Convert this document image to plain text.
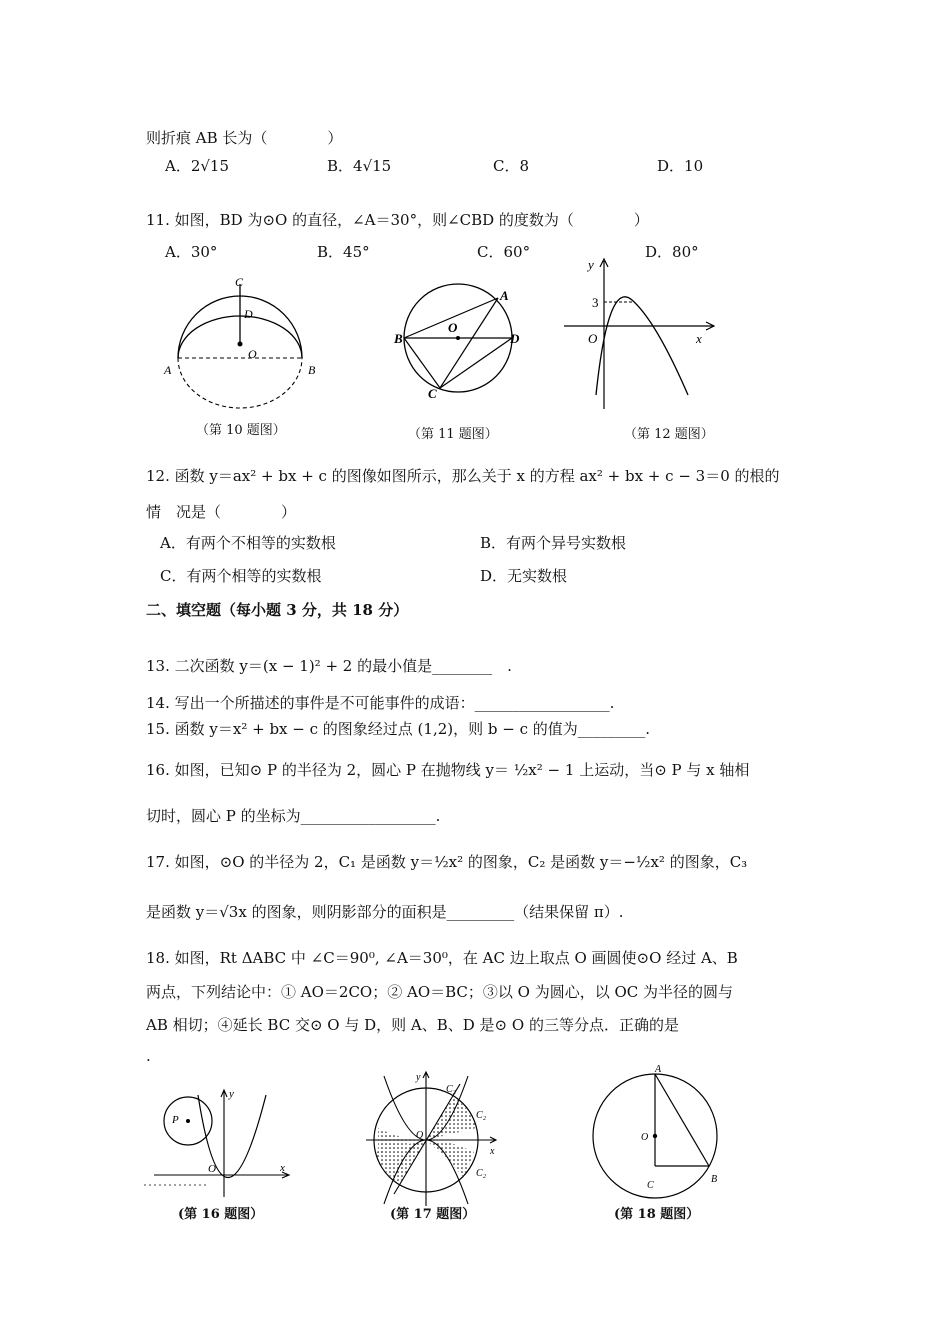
则折痕 AB 长为（　　　　）
A．2√15	B．4√15	C．8	D．10
11. 如图，BD 为⊙O 的直径，∠A＝30°，则∠CBD 的度数为（　　　　）
A．30°	B．45°	C．60°	D．80°
C
D
O
A	B
（第 10 题图）
A
O
B	D
C
（第 11 题图）
y
3
O	x
（第 12 题图）
12. 函数 y＝ax² + bx + c 的图像如图所示，那么关于 x 的方程 ax² + bx + c − 3＝0 的根的
情　况是（　　　　）
A．有两个不相等的实数根	B．有两个异号实数根
C．有两个相等的实数根	D．无实数根
二、填空题（每小题 3 分，共 18 分）
13. 二次函数 y＝(x − 1)² + 2 的最小值是________　.
14. 写出一个所描述的事件是不可能事件的成语：__________________.
15. 函数 y＝x² + bx − c 的图象经过点 (1,2)，则 b − c 的值为_________.
16. 如图，已知⊙ P 的半径为 2，圆心 P 在抛物线 y＝ ½x² − 1 上运动，当⊙ P 与 x 轴相
切时，圆心 P 的坐标为__________________.
17. 如图，⊙O 的半径为 2，C₁ 是函数 y＝½x² 的图象，C₂ 是函数 y＝−½x² 的图象，C₃
是函数 y＝√3x 的图象，则阴影部分的面积是_________（结果保留 π）.
18. 如图，Rt ΔABC 中 ∠C＝90⁰, ∠A＝30⁰，在 AC 边上取点 O 画圆使⊙O 经过 A、B
两点，下列结论中：① AO＝2CO；② AO＝BC；③以 O 为圆心，以 OC 为半径的圆与
AB 相切；④延长 BC 交⊙ O 与 D，则 A、B、D 是⊙ O 的三等分点．正确的是
.
y
P
O	x
(第 16 题图）
y
C₃
C₂
O
x
C₂
(第 17 题图）
A
O
C
B
(第 18 题图）
